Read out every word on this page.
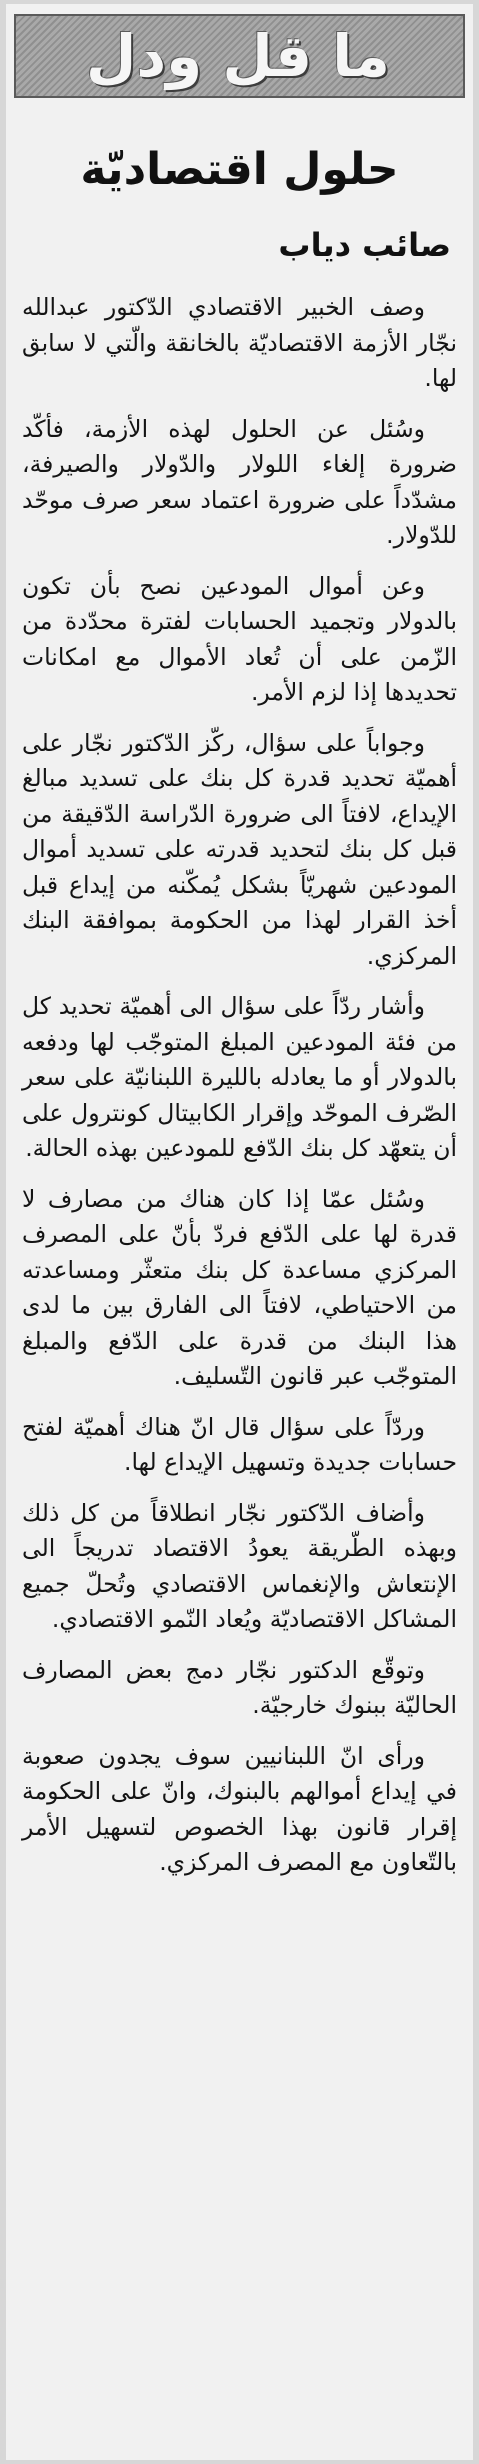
ما قل ودل
حلول اقتصاديّة
صائب دياب

وصف الخبير الاقتصادي الدّكتور عبدالله نجّار الأزمة الاقتصاديّة بالخانقة والّتي لا سابق لها.

وسُئل عن الحلول لهذه الأزمة، فأكّد ضرورة إلغاء اللولار والدّولار والصيرفة، مشدّداً على ضرورة اعتماد سعر صرف موحّد للدّولار.

وعن أموال المودعين نصح بأن تكون بالدولار وتجميد الحسابات لفترة محدّدة من الزّمن على أن تُعاد الأموال مع امكانات تحديدها إذا لزم الأمر.

وجواباً على سؤال، ركّز الدّكتور نجّار على أهميّة تحديد قدرة كل بنك على تسديد مبالغ الإيداع، لافتاً الى ضرورة الدّراسة الدّقيقة من قبل كل بنك لتحديد قدرته على تسديد أموال المودعين شهريّاً بشكل يُمكّنه من إيداع قبل أخذ القرار لهذا من الحكومة بموافقة البنك المركزي.

وأشار ردّاً على سؤال الى أهميّة تحديد كل من فئة المودعين المبلغ المتوجّب لها ودفعه بالدولار أو ما يعادله بالليرة اللبنانيّة على سعر الصّرف الموحّد وإقرار الكابيتال كونترول على أن يتعهّد كل بنك الدّفع للمودعين بهذه الحالة.

وسُئل عمّا إذا كان هناك من مصارف لا قدرة لها على الدّفع فردّ بأنّ على المصرف المركزي مساعدة كل بنك متعثّر ومساعدته من الاحتياطي، لافتاً الى الفارق بين ما لدى هذا البنك من قدرة على الدّفع والمبلغ المتوجّب عبر قانون التّسليف.

وردّاً على سؤال قال انّ هناك أهميّة لفتح حسابات جديدة وتسهيل الإيداع لها.

وأضاف الدّكتور نجّار انطلاقاً من كل ذلك وبهذه الطّريقة يعودُ الاقتصاد تدريجاً الى الإنتعاش والإنغماس الاقتصادي وتُحلّ جميع المشاكل الاقتصاديّة ويُعاد النّمو الاقتصادي.

وتوقّع الدكتور نجّار دمج بعض المصارف الحاليّة ببنوك خارجيّة.

ورأى انّ اللبنانيين سوف يجدون صعوبة في إيداع أموالهم بالبنوك، وانّ على الحكومة إقرار قانون بهذا الخصوص لتسهيل الأمر بالتّعاون مع المصرف المركزي.
